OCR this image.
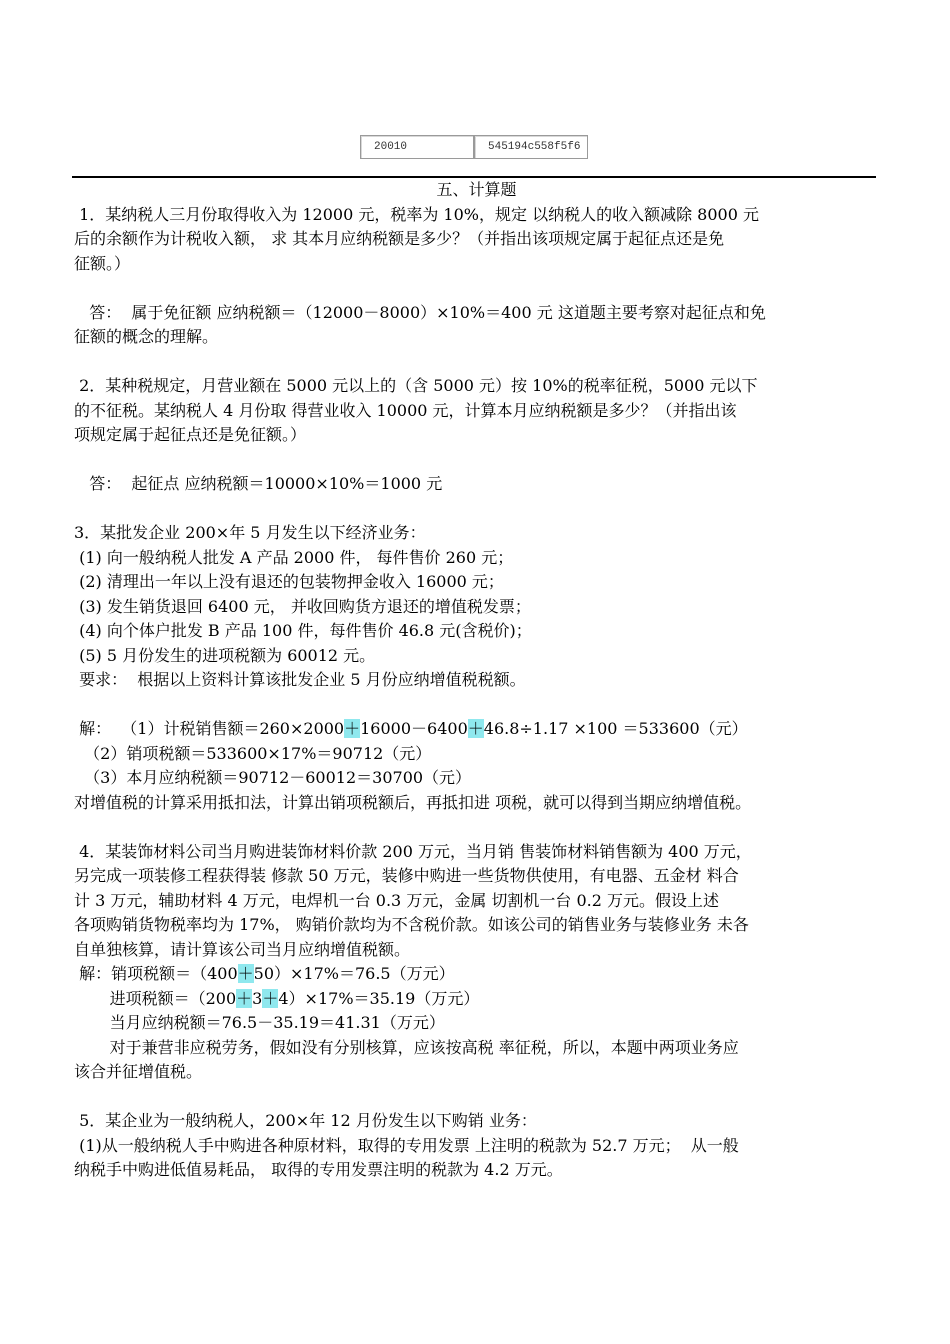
20010	545194c558f5f6
五、计算题
1．某纳税人三月份取得收入为 12000 元，税率为 10%，规定 以纳税人的收入额减除 8000 元
后的余额作为计税收入额， 求 其本月应纳税额是多少？（并指出该项规定属于起征点还是免
征额。）
答：  属于免征额 应纳税额＝（12000－8000）×10%＝400 元 这道题主要考察对起征点和免
征额的概念的理解。
2．某种税规定，月营业额在 5000 元以上的（含 5000 元）按 10%的税率征税，5000 元以下
的不征税。某纳税人 4 月份取 得营业收入 10000 元，计算本月应纳税额是多少？（并指出该
项规定属于起征点还是免征额。）
答：  起征点 应纳税额＝10000×10%＝1000 元
3．某批发企业 200×年 5 月发生以下经济业务：
(1) 向一般纳税人批发 A 产品 2000 件， 每件售价 260 元；
(2) 清理出一年以上没有退还的包装物押金收入 16000 元；
(3) 发生销货退回 6400 元， 并收回购货方退还的增值税发票；
(4) 向个体户批发 B 产品 100 件，每件售价 46.8 元(含税价)；
(5) 5 月份发生的进项税额为 60012 元。
要求：  根据以上资料计算该批发企业 5 月份应纳增值税税额。
解：  （1）计税销售额＝260×2000＋16000－6400＋46.8÷1.17 ×100 ＝533600（元）
（2）销项税额＝533600×17%＝90712（元）
（3）本月应纳税额＝90712－60012＝30700（元）
对增值税的计算采用抵扣法，计算出销项税额后，再抵扣进 项税，就可以得到当期应纳增值税。
4．某装饰材料公司当月购进装饰材料价款 200 万元，当月销 售装饰材料销售额为 400 万元，
另完成一项装修工程获得装 修款 50 万元，装修中购进一些货物供使用，有电器、五金材 料合
计 3 万元，辅助材料 4 万元，电焊机一台 0.3 万元，金属 切割机一台 0.2 万元。假设上述
各项购销货物税率均为 17%， 购销价款均为不含税价款。如该公司的销售业务与装修业务 未各
自单独核算，请计算该公司当月应纳增值税额。
解：销项税额＝（400＋50）×17%＝76.5（万元）
进项税额＝（200＋3＋4）×17%＝35.19（万元）
当月应纳税额＝76.5－35.19＝41.31（万元）
对于兼营非应税劳务，假如没有分别核算，应该按高税 率征税，所以，本题中两项业务应
该合并征增值税。
5．某企业为一般纳税人，200×年 12 月份发生以下购销 业务：
(1)从一般纳税人手中购进各种原材料，取得的专用发票 上注明的税款为 52.7 万元；  从一般
纳税手中购进低值易耗品， 取得的专用发票注明的税款为 4.2 万元。
